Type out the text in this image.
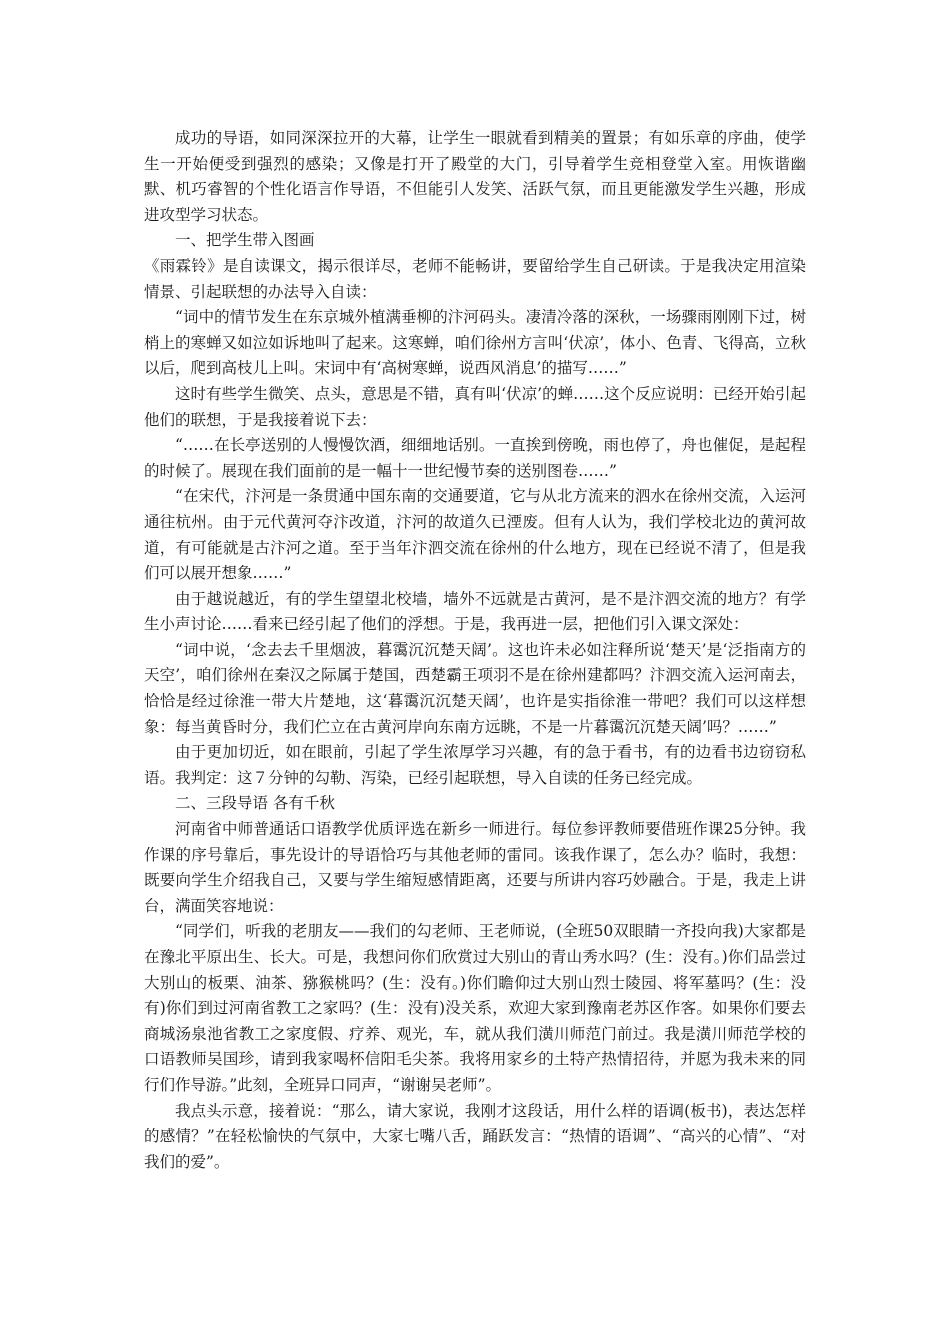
成功的导语，如同深深拉开的大幕，让学生一眼就看到精美的置景；有如乐章的序曲，使学生一开始便受到强烈的感染；又像是打开了殿堂的大门，引导着学生竞相登堂入室。用恢谐幽默、机巧睿智的个性化语言作导语，不但能引人发笑、活跃气氛，而且更能激发学生兴趣，形成进攻型学习状态。

一、把学生带入图画

《雨霖铃》是自读课文，揭示很详尽，老师不能畅讲，要留给学生自己研读。于是我决定用渲染情景、引起联想的办法导入自读：

“词中的情节发生在东京城外植满垂柳的汴河码头。凄清冷落的深秋，一场骤雨刚刚下过，树梢上的寒蝉又如泣如诉地叫了起来。这寒蝉，咱们徐州方言叫‘伏凉’，体小、色青、飞得高，立秋以后，爬到高枝儿上叫。宋词中有‘高树寒蝉，说西风消息’的描写……”

这时有些学生微笑、点头，意思是不错，真有叫‘伏凉’的蝉……这个反应说明：已经开始引起他们的联想，于是我接着说下去：

“……在长亭送别的人慢慢饮酒，细细地话别。一直挨到傍晚，雨也停了，舟也催促，是起程的时候了。展现在我们面前的是一幅十一世纪慢节奏的送别图卷……”

“在宋代，汴河是一条贯通中国东南的交通要道，它与从北方流来的泗水在徐州交流，入运河通往杭州。由于元代黄河夺汴改道，汴河的故道久已湮废。但有人认为，我们学校北边的黄河故道，有可能就是古汴河之道。至于当年汴泗交流在徐州的什么地方，现在已经说不清了，但是我们可以展开想象……”

由于越说越近，有的学生望望北校墙，墙外不远就是古黄河，是不是汴泗交流的地方？有学生小声讨论……看来已经引起了他们的浮想。于是，我再进一层，把他们引入课文深处：

“词中说，‘念去去千里烟波，暮霭沉沉楚天阔’。这也许未必如注释所说‘楚天’是‘泛指南方的天空’，咱们徐州在秦汉之际属于楚国，西楚霸王项羽不是在徐州建都吗？汴泗交流入运河南去，恰恰是经过徐淮一带大片楚地，这‘暮霭沉沉楚天阔’，也许是实指徐淮一带吧？我们可以这样想象：每当黄昏时分，我们伫立在古黄河岸向东南方远眺，不是一片暮霭沉沉楚天阔’吗？……”

由于更加切近，如在眼前，引起了学生浓厚学习兴趣，有的急于看书，有的边看书边窃窃私语。我判定：这７分钟的勾勒、泻染，已经引起联想，导入自读的任务已经完成。

二、三段导语 各有千秋

河南省中师普通话口语教学优质评选在新乡一师进行。每位参评教师要借班作课25分钟。我作课的序号靠后，事先设计的导语恰巧与其他老师的雷同。该我作课了，怎么办？临时，我想：既要向学生介绍我自己，又要与学生缩短感情距离，还要与所讲内容巧妙融合。于是，我走上讲台，满面笑容地说：

“同学们，听我的老朋友——我们的勾老师、王老师说，(全班50双眼睛一齐投向我)大家都是在豫北平原出生、长大。可是，我想问你们欣赏过大别山的青山秀水吗？(生：没有。)你们品尝过大别山的板栗、油茶、猕猴桃吗？(生：没有。)你们瞻仰过大别山烈士陵园、将军墓吗？(生：没有)你们到过河南省教工之家吗？(生：没有)没关系，欢迎大家到豫南老苏区作客。如果你们要去商城汤泉池省教工之家度假、疗养、观光，车，就从我们潢川师范门前过。我是潢川师范学校的口语教师吴国珍，请到我家喝杯信阳毛尖茶。我将用家乡的土特产热情招待，并愿为我未来的同行们作导游。”此刻，全班异口同声，“谢谢吴老师”。

我点头示意，接着说：“那么，请大家说，我刚才这段话，用什么样的语调(板书)，表达怎样的感情？”在轻松愉快的气氛中，大家七嘴八舌，踊跃发言：“热情的语调”、“高兴的心情”、“对我们的爱”。
